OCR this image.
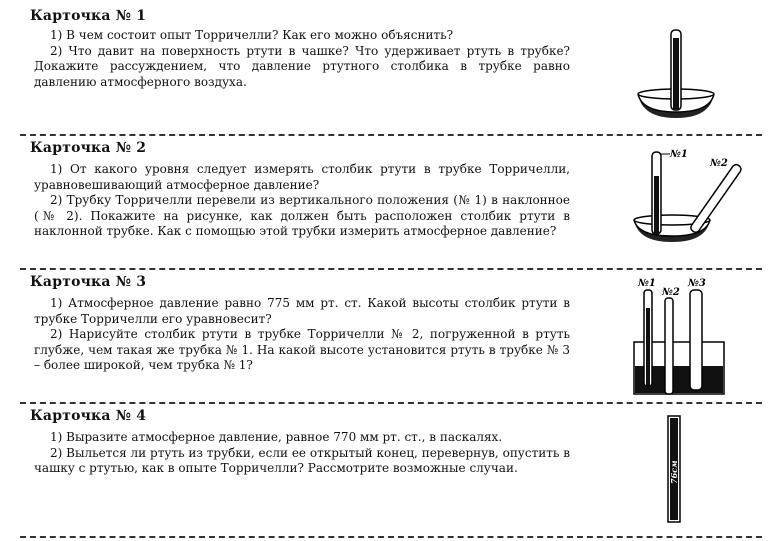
Карточка № 1

1) В чем состоит опыт Торричелли? Как его можно объяснить?

2) Что давит на поверхность ртути в чашке? Что удерживает ртуть в трубке? Докажите рассуждением, что давление ртутного столбика в трубке равно давлению атмосферного воздуха.

Карточка № 2

1) От какого уровня следует измерять столбик ртути в трубке Торричелли, уравновешивающий атмосферное давление?

2) Трубку Торричелли перевели из вертикального положения (№ 1) в наклонное (№ 2). Покажите на рисунке, как должен быть расположен столбик ртути в наклонной трубке. Как с помощью этой трубки измерить атмосферное давление?

№1
№2
Карточка № 3

1) Атмосферное давление равно 775 мм рт. ст. Какой высоты столбик ртути в трубке Торричелли его уравновесит?

2) Нарисуйте столбик ртути в трубке Торричелли № 2, погруженной в ртуть глубже, чем такая же трубка № 1. На какой высоте установится ртуть в трубке № 3 – более широкой, чем трубка № 1?

№1
№2
№3
Карточка № 4

1) Выразите атмосферное давление, равное 770 мм рт. ст., в паскалях.

2) Выльется ли ртуть из трубки, если ее открытый конец, перевернув, опустить в чашку с ртутью, как в опыте Торричелли? Рассмотрите возможные случаи.	76см
